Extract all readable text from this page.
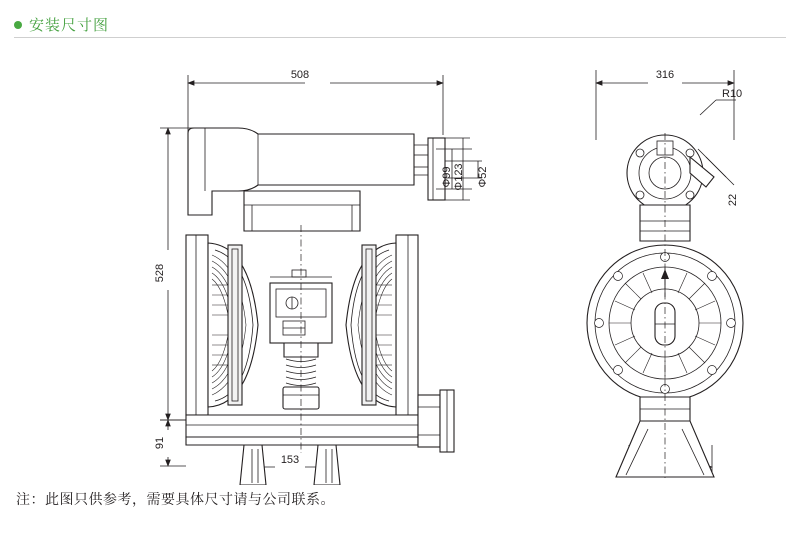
安装尺寸图
508
528
91
153
Φ99 Φ123 Φ52
316
R10
22
注：此图只供参考，需要具体尺寸请与公司联系。
